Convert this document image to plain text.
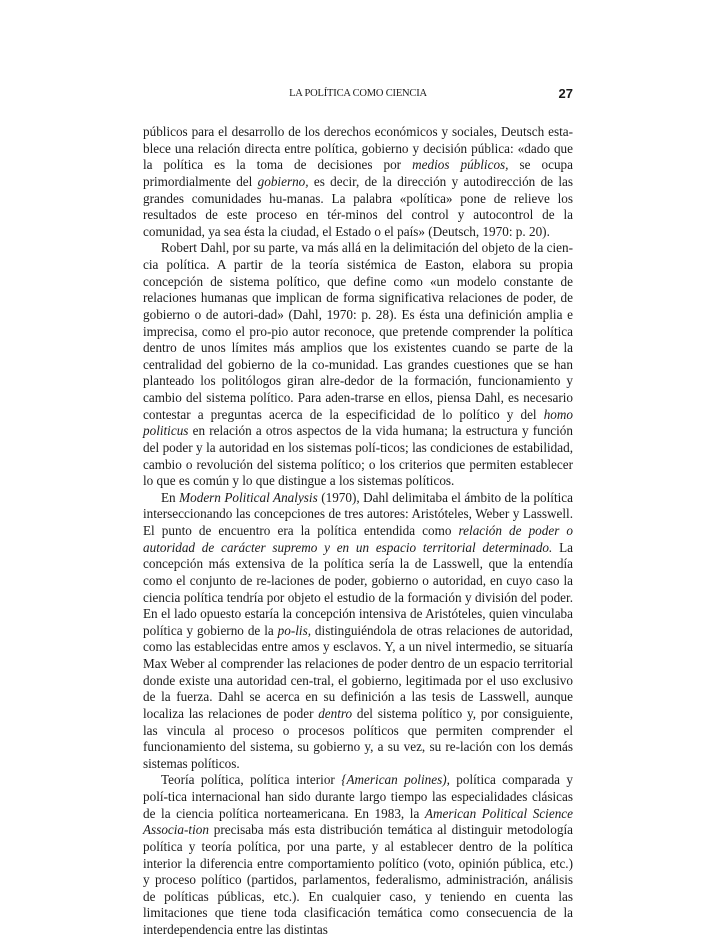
LA POLÍTICA COMO CIENCIA	27

públicos para el desarrollo de los derechos económicos y sociales, Deutsch esta-blece una relación directa entre política, gobierno y decisión pública: «dado que la política es la toma de decisiones por medios públicos, se ocupa primordialmente del gobierno, es decir, de la dirección y autodirección de las grandes comunidades hu-manas. La palabra «política» pone de relieve los resultados de este proceso en tér-minos del control y autocontrol de la comunidad, ya sea ésta la ciudad, el Estado o el país» (Deutsch, 1970: p. 20).

Robert Dahl, por su parte, va más allá en la delimitación del objeto de la cien-cia política. A partir de la teoría sistémica de Easton, elabora su propia concepción de sistema político, que define como «un modelo constante de relaciones humanas que implican de forma significativa relaciones de poder, de gobierno o de autori-dad» (Dahl, 1970: p. 28). Es ésta una definición amplia e imprecisa, como el pro-pio autor reconoce, que pretende comprender la política dentro de unos límites más amplios que los existentes cuando se parte de la centralidad del gobierno de la co-munidad. Las grandes cuestiones que se han planteado los politólogos giran alre-dedor de la formación, funcionamiento y cambio del sistema político. Para aden-trarse en ellos, piensa Dahl, es necesario contestar a preguntas acerca de la especificidad de lo político y del homo politicus en relación a otros aspectos de la vida humana; la estructura y función del poder y la autoridad en los sistemas polí-ticos; las condiciones de estabilidad, cambio o revolución del sistema político; o los criterios que permiten establecer lo que es común y lo que distingue a los sistemas políticos.

En Modern Political Analysis (1970), Dahl delimitaba el ámbito de la política interseccionando las concepciones de tres autores: Aristóteles, Weber y Lasswell. El punto de encuentro era la política entendida como relación de poder o autoridad de carácter supremo y en un espacio territorial determinado. La concepción más extensiva de la política sería la de Lasswell, que la entendía como el conjunto de re-laciones de poder, gobierno o autoridad, en cuyo caso la ciencia política tendría por objeto el estudio de la formación y división del poder. En el lado opuesto estaría la concepción intensiva de Aristóteles, quien vinculaba política y gobierno de la po-lis, distinguiéndola de otras relaciones de autoridad, como las establecidas entre amos y esclavos. Y, a un nivel intermedio, se situaría Max Weber al comprender las relaciones de poder dentro de un espacio territorial donde existe una autoridad cen-tral, el gobierno, legitimada por el uso exclusivo de la fuerza. Dahl se acerca en su definición a las tesis de Lasswell, aunque localiza las relaciones de poder dentro del sistema político y, por consiguiente, las vincula al proceso o procesos políticos que permiten comprender el funcionamiento del sistema, su gobierno y, a su vez, su re-lación con los demás sistemas políticos.

Teoría política, política interior {American polines), política comparada y polí-tica internacional han sido durante largo tiempo las especialidades clásicas de la ciencia política norteamericana. En 1983, la American Political Science Associa-tion precisaba más esta distribución temática al distinguir metodología política y teoría política, por una parte, y al establecer dentro de la política interior la diferencia entre comportamiento político (voto, opinión pública, etc.) y proceso político (partidos, parlamentos, federalismo, administración, análisis de políticas públicas, etc.). En cualquier caso, y teniendo en cuenta las limitaciones que tiene toda clasificación temática como consecuencia de la interdependencia entre las distintas
